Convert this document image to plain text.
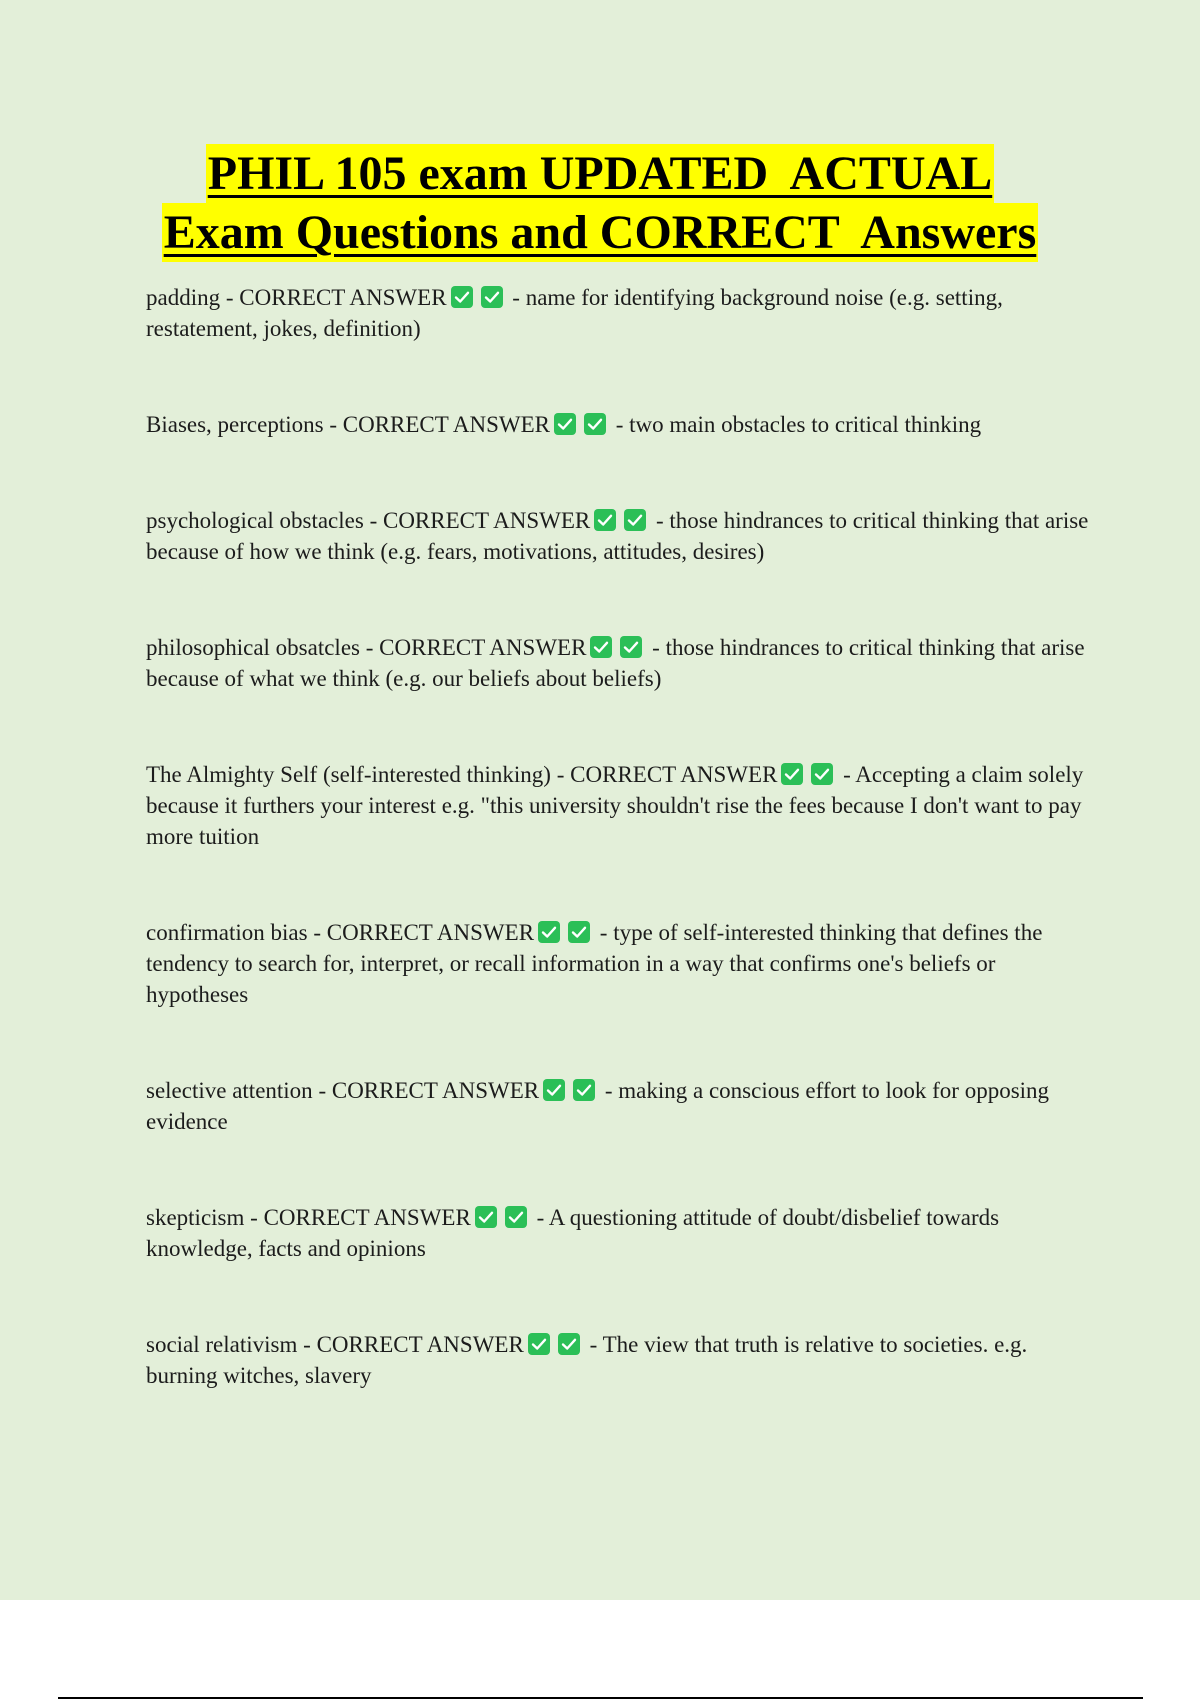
PHIL 105 exam UPDATED  ACTUAL
Exam Questions and CORRECT  Answers
padding - CORRECT ANSWER	- name for identifying background noise (e.g. setting, restatement, jokes, definition)
Biases, perceptions - CORRECT ANSWER	- two main obstacles to critical thinking
psychological obstacles - CORRECT ANSWER	- those hindrances to critical thinking that arise because of how we think (e.g. fears, motivations, attitudes, desires)
philosophical obsatcles - CORRECT ANSWER	- those hindrances to critical thinking that arise because of what we think (e.g. our beliefs about beliefs)
The Almighty Self (self-interested thinking) - CORRECT ANSWER	- Accepting a claim solely because it furthers your interest e.g. "this university shouldn't rise the fees because I don't want to pay more tuition
confirmation bias - CORRECT ANSWER	- type of self-interested thinking that defines the tendency to search for, interpret, or recall information in a way that confirms one's beliefs or hypotheses
selective attention - CORRECT ANSWER	- making a conscious effort to look for opposing evidence
skepticism - CORRECT ANSWER	- A questioning attitude of doubt/disbelief towards knowledge, facts and opinions
social relativism - CORRECT ANSWER	- The view that truth is relative to societies. e.g. burning witches, slavery
